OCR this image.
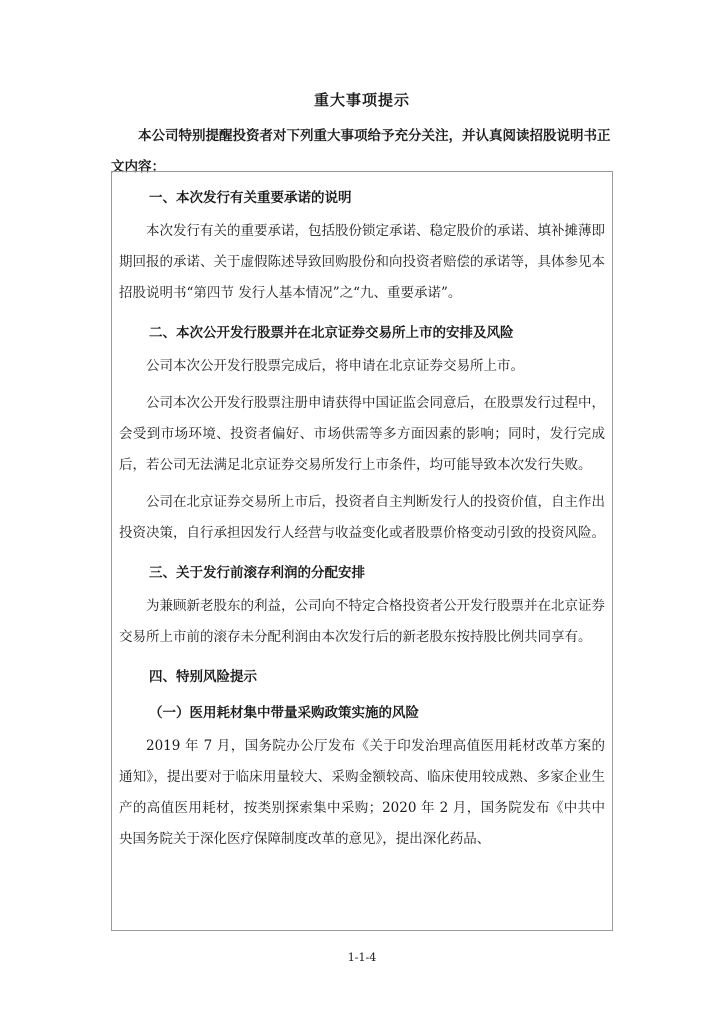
重大事项提示
本公司特别提醒投资者对下列重大事项给予充分关注，并认真阅读招股说明书正文内容：
一、本次发行有关重要承诺的说明

本次发行有关的重要承诺，包括股份锁定承诺、稳定股价的承诺、填补摊薄即期回报的承诺、关于虚假陈述导致回购股份和向投资者赔偿的承诺等，具体参见本招股说明书“第四节 发行人基本情况”之“九、重要承诺”。

二、本次公开发行股票并在北京证券交易所上市的安排及风险

公司本次公开发行股票完成后，将申请在北京证券交易所上市。

公司本次公开发行股票注册申请获得中国证监会同意后，在股票发行过程中，会受到市场环境、投资者偏好、市场供需等多方面因素的影响；同时，发行完成后，若公司无法满足北京证券交易所发行上市条件，均可能导致本次发行失败。

公司在北京证券交易所上市后，投资者自主判断发行人的投资价值，自主作出投资决策，自行承担因发行人经营与收益变化或者股票价格变动引致的投资风险。

三、关于发行前滚存利润的分配安排

为兼顾新老股东的利益，公司向不特定合格投资者公开发行股票并在北京证券交易所上市前的滚存未分配利润由本次发行后的新老股东按持股比例共同享有。

四、特别风险提示
（一）医用耗材集中带量采购政策实施的风险

2019 年 7 月，国务院办公厅发布《关于印发治理高值医用耗材改革方案的通知》，提出要对于临床用量较大、采购金额较高、临床使用较成熟、多家企业生产的高值医用耗材，按类别探索集中采购；2020 年 2 月，国务院发布《中共中央国务院关于深化医疗保障制度改革的意见》，提出深化药品、

1-1-4
